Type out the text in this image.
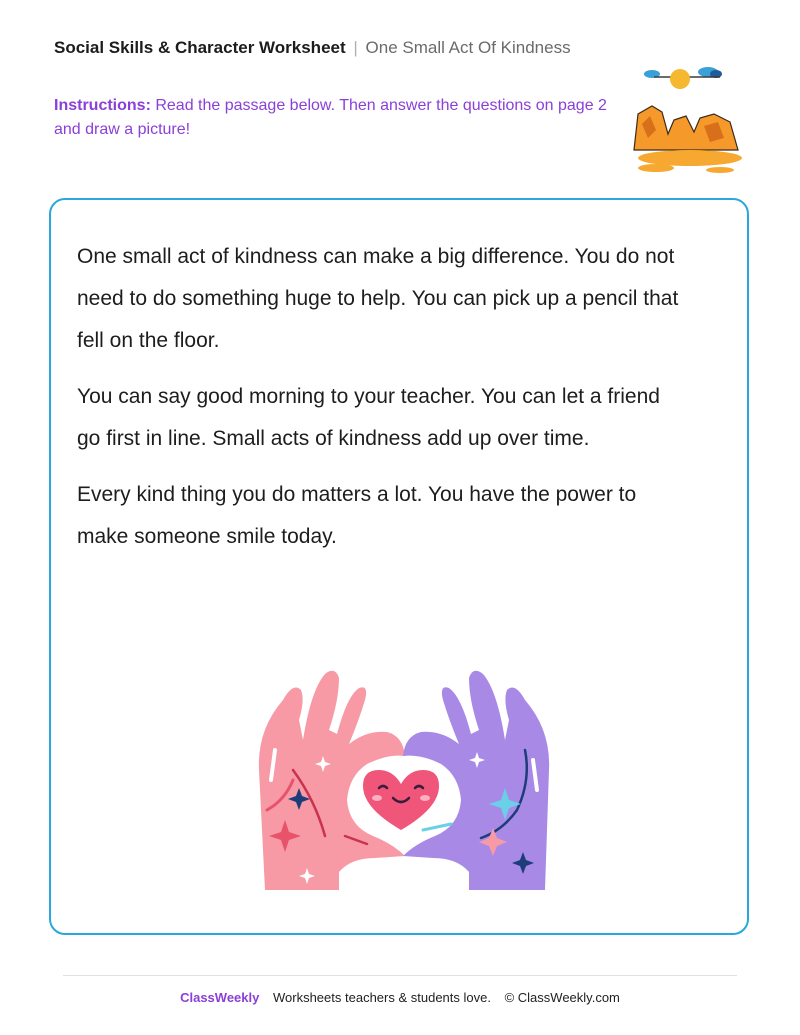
Social Skills & Character Worksheet | One Small Act Of Kindness
Instructions: Read the passage below. Then answer the questions on page 2 and draw a picture!

One small act of kindness can make a big difference. You do not need to do something huge to help. You can pick up a pencil that fell on the floor.

You can say good morning to your teacher. You can let a friend go first in line. Small acts of kindness add up over time.

Every kind thing you do matters a lot. You have the power to make someone smile today.

ClassWeekly Worksheets teachers & students love. © ClassWeekly.com
